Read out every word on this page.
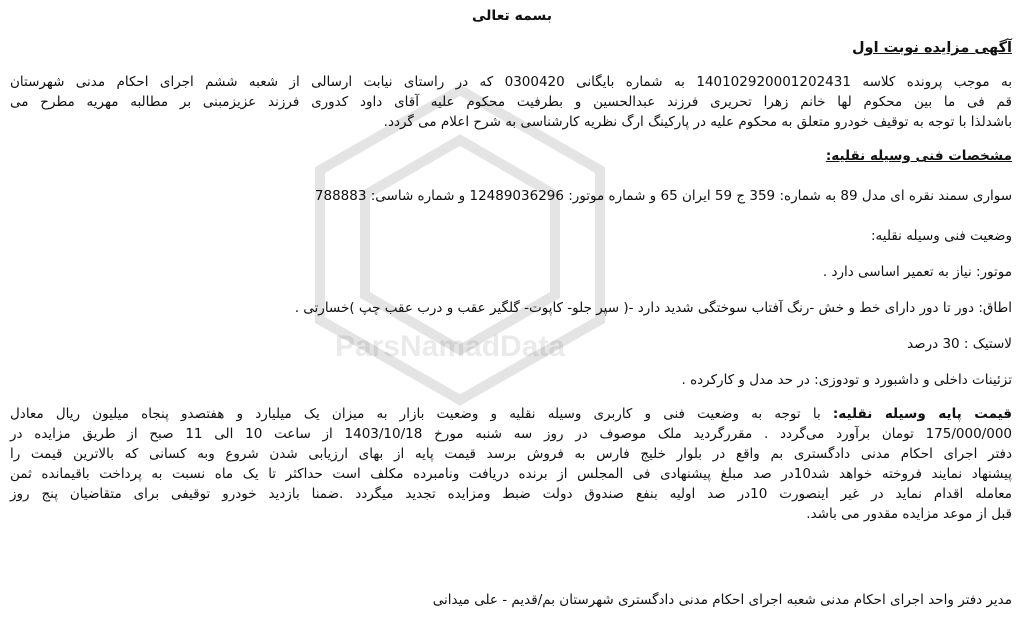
ParsNamadData
بسمه تعالی
آگهی مزایده نوبت اول
به موجب پرونده کلاسه 14010292000120243‌1 به شماره بایگانی 0300420 که در راستای نیابت ارسالی از شعبه ششم اجرای احکام مدنی شهرستان
قم فی ما بین محکوم لها خانم زهرا تحریری فرزند عبدالحسین و بطرفیت محکوم علیه آقای داود کدوری فرزند عزیزمبنی بر مطالبه مهریه مطرح می
باشدلذا با توجه به توقیف خودرو متعلق به محکوم علیه در پارکینگ ارگ نظریه کارشناسی به شرح اعلام می گردد.
مشخصات فنی وسیله نقلیه:
سواری سمند نقره ای مدل 89 به شماره: 359 ج 59 ایران 65 و شماره موتور: 12489036296 و شماره شاسی: 788883
وضعیت فنی وسیله نقلیه:
موتور: نیاز به تعمیر اساسی دارد .
اطاق: دور تا دور دارای خط و خش -رنگ آفتاب سوختگی شدید دارد -( سپر جلو- کاپوت- گلگیر عقب و درب عقب چپ )خسارتی .
لاستیک : 30 درصد
تزئینات داخلی و داشبورد و تودوزی: در حد مدل و کارکرده .
قیمت پایه وسیله نقلیه: با توجه به وضعیت فنی و کاربری وسیله نقلیه و وضعیت بازار به میزان یک میلیارد و هفتصدو پنجاه میلیون ریال معادل
175/000/000 تومان برآورد می‌گردد . مقررگردید ملک موصوف در روز سه شنبه مورخ 1403/10/18 از ساعت 10 الی 11 صبح از طریق مزایده در
دفتر اجرای احکام مدنی دادگستری بم واقع در بلوار خلیج فارس به فروش برسد قیمت پایه از بهای ارزیابی شدن شروع وبه کسانی که بالاترین قیمت را
پیشنهاد نمایند فروخته خواهد شد10در صد مبلغ پیشنهادی فی المجلس از برنده دریافت ونامبرده مکلف است حداکثر تا یک ماه نسبت به پرداخت باقیمانده ثمن
معامله اقدام نماید در غیر اینصورت 10در صد اولیه بنفع صندوق دولت ضبط ومزایده تجدید میگردد .ضمنا بازدید خودرو توقیفی برای متقاضیان پنج روز
قبل از موعد مزایده مقدور می باشد.
مدیر دفتر واحد اجرای احکام مدنی شعبه اجرای احکام مدنی دادگستری شهرستان بم/قدیم - علی میدانی
